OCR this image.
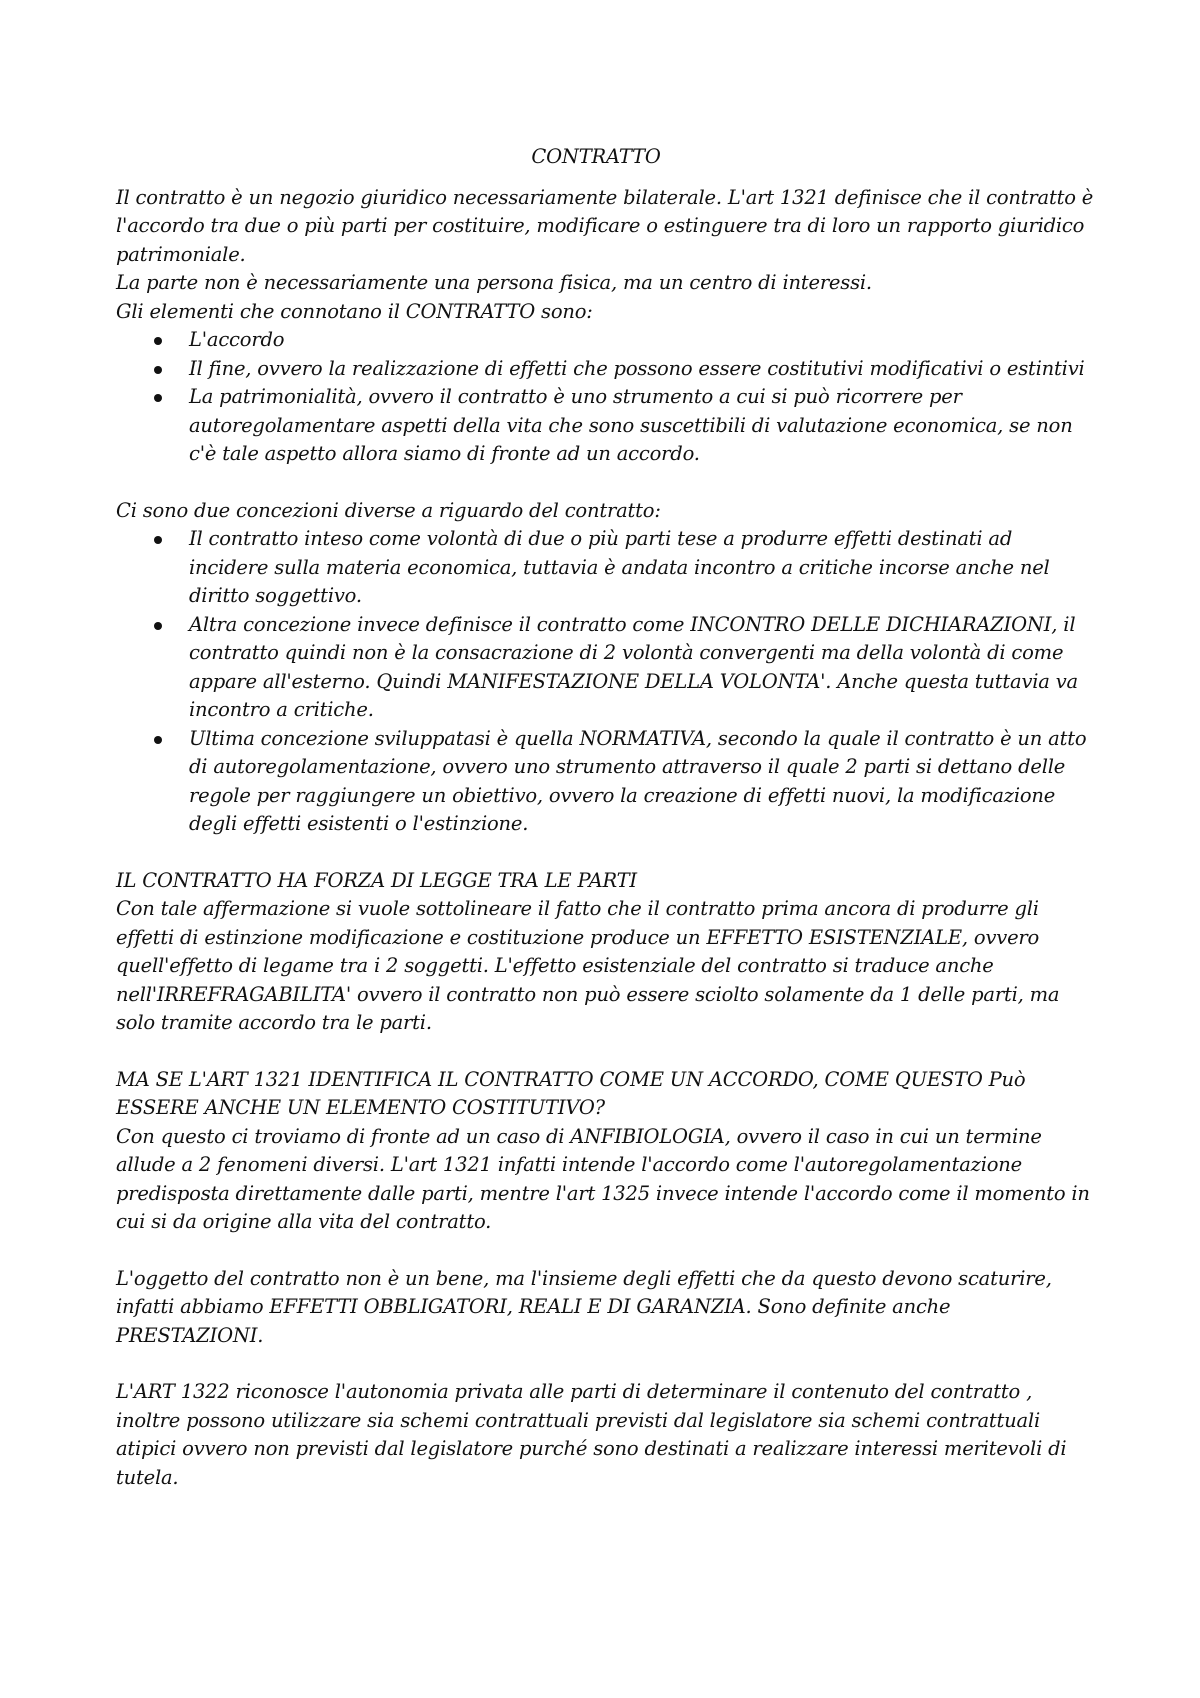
CONTRATTO

Il contratto è un negozio giuridico necessariamente bilaterale. L'art 1321 definisce che il contratto è l'accordo tra due o più parti per costituire, modificare o estinguere tra di loro un rapporto giuridico patrimoniale.

La parte non è necessariamente una persona fisica, ma un centro di interessi.

Gli elementi che connotano il CONTRATTO sono:

L'accordo
Il fine, ovvero la realizzazione di effetti che possono essere costitutivi modificativi o estintivi
La patrimonialità, ovvero il contratto è uno strumento a cui si può ricorrere per autoregolamentare aspetti della vita che sono suscettibili di valutazione economica, se non c'è tale aspetto allora siamo di fronte ad un accordo.

Ci sono due concezioni diverse a riguardo del contratto:

Il contratto inteso come volontà di due o più parti tese a produrre effetti destinati ad incidere sulla materia economica, tuttavia è andata incontro a critiche incorse anche nel diritto soggettivo.
Altra concezione invece definisce il contratto come INCONTRO DELLE DICHIARAZIONI, il contratto quindi non è la consacrazione di 2 volontà convergenti ma della volontà di come appare all'esterno. Quindi MANIFESTAZIONE DELLA VOLONTA'. Anche questa tuttavia va incontro a critiche.
Ultima concezione sviluppatasi è quella NORMATIVA, secondo la quale il contratto è un atto di autoregolamentazione, ovvero uno strumento attraverso il quale 2 parti si dettano delle regole per raggiungere un obiettivo, ovvero la creazione di effetti nuovi, la modificazione degli effetti esistenti o l'estinzione.

IL CONTRATTO HA FORZA DI LEGGE TRA LE PARTI

Con tale affermazione si vuole sottolineare il fatto che il contratto prima ancora di produrre gli effetti di estinzione modificazione e costituzione produce un EFFETTO ESISTENZIALE, ovvero quell'effetto di legame tra i 2 soggetti. L'effetto esistenziale del contratto si traduce anche nell'IRREFRAGABILITA' ovvero il contratto non può essere sciolto solamente da 1 delle parti, ma solo tramite accordo tra le parti.

MA SE L'ART 1321 IDENTIFICA IL CONTRATTO COME UN ACCORDO, COME QUESTO Può ESSERE ANCHE UN ELEMENTO COSTITUTIVO?

Con questo ci troviamo di fronte ad un caso di ANFIBIOLOGIA, ovvero il caso in cui un termine allude a 2 fenomeni diversi. L'art 1321 infatti intende l'accordo come l'autoregolamentazione predisposta direttamente dalle parti, mentre l'art 1325 invece intende l'accordo come il momento in cui si da origine alla vita del contratto.

L'oggetto del contratto non è un bene, ma l'insieme degli effetti che da questo devono scaturire, infatti abbiamo EFFETTI OBBLIGATORI, REALI E DI GARANZIA. Sono definite anche PRESTAZIONI.

L'ART 1322 riconosce l'autonomia privata alle parti di determinare il contenuto del contratto , inoltre possono utilizzare sia schemi contrattuali previsti dal legislatore sia schemi contrattuali atipici ovvero non previsti dal legislatore purché sono destinati a realizzare interessi meritevoli di tutela.
